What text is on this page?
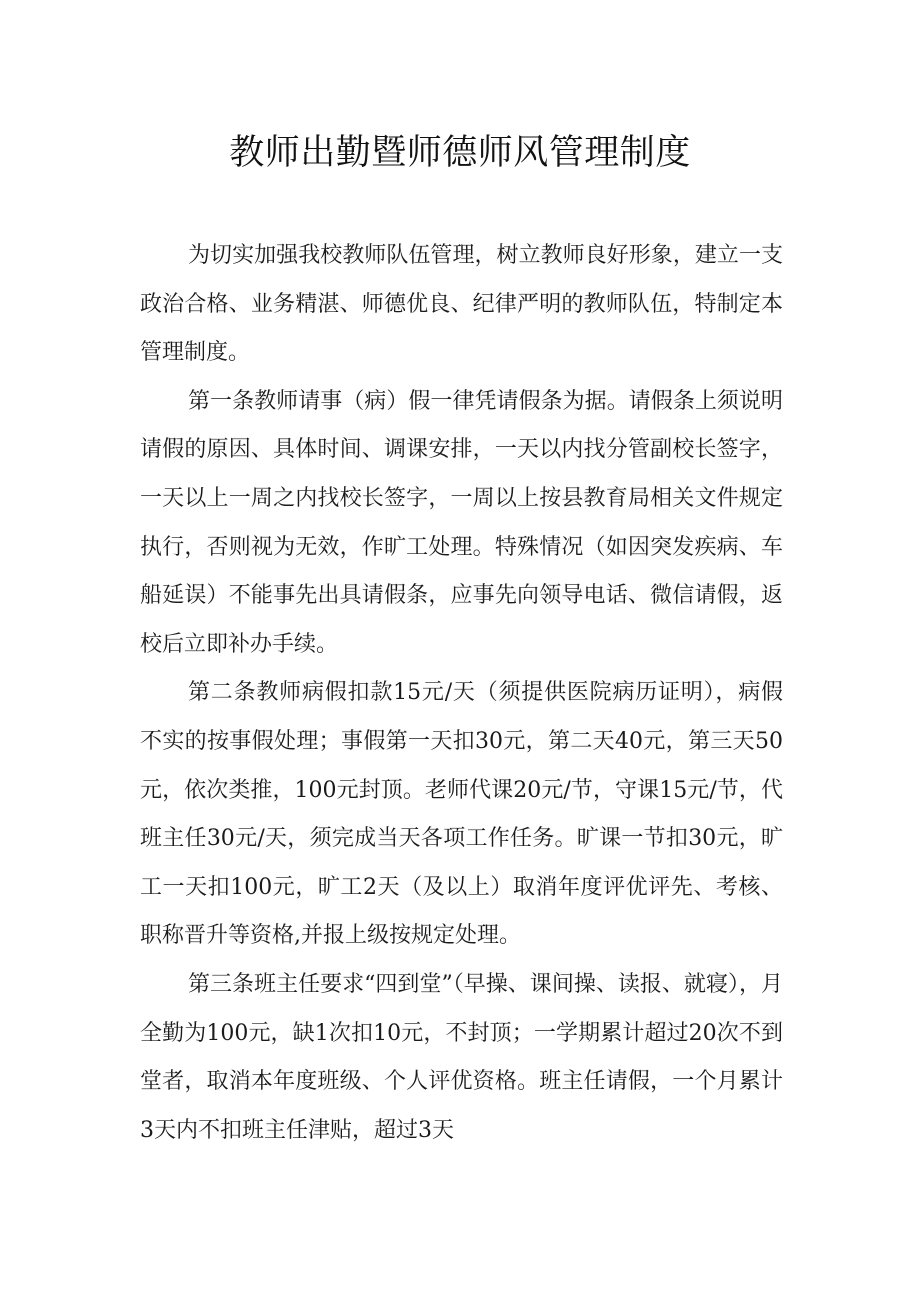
教师出勤暨师德师风管理制度

为切实加强我校教师队伍管理，树立教师良好形象，建立一支政治合格、业务精湛、师德优良、纪律严明的教师队伍，特制定本管理制度。

第一条教师请事（病）假一律凭请假条为据。请假条上须说明请假的原因、具体时间、调课安排，一天以内找分管副校长签字，一天以上一周之内找校长签字，一周以上按县教育局相关文件规定执行，否则视为无效，作旷工处理。特殊情况（如因突发疾病、车船延误）不能事先出具请假条，应事先向领导电话、微信请假，返校后立即补办手续。

第二条教师病假扣款15元/天（须提供医院病历证明），病假不实的按事假处理；事假第一天扣30元，第二天40元，第三天50元，依次类推，100元封顶。老师代课20元/节，守课15元/节，代班主任30元/天，须完成当天各项工作任务。旷课一节扣30元，旷工一天扣100元，旷工2天（及以上）取消年度评优评先、考核、职称晋升等资格,并报上级按规定处理。

第三条班主任要求“四到堂”（早操、课间操、读报、就寝），月全勤为100元，缺1次扣10元，不封顶；一学期累计超过20次不到堂者，取消本年度班级、个人评优资格。班主任请假，一个月累计3天内不扣班主任津贴，超过3天
